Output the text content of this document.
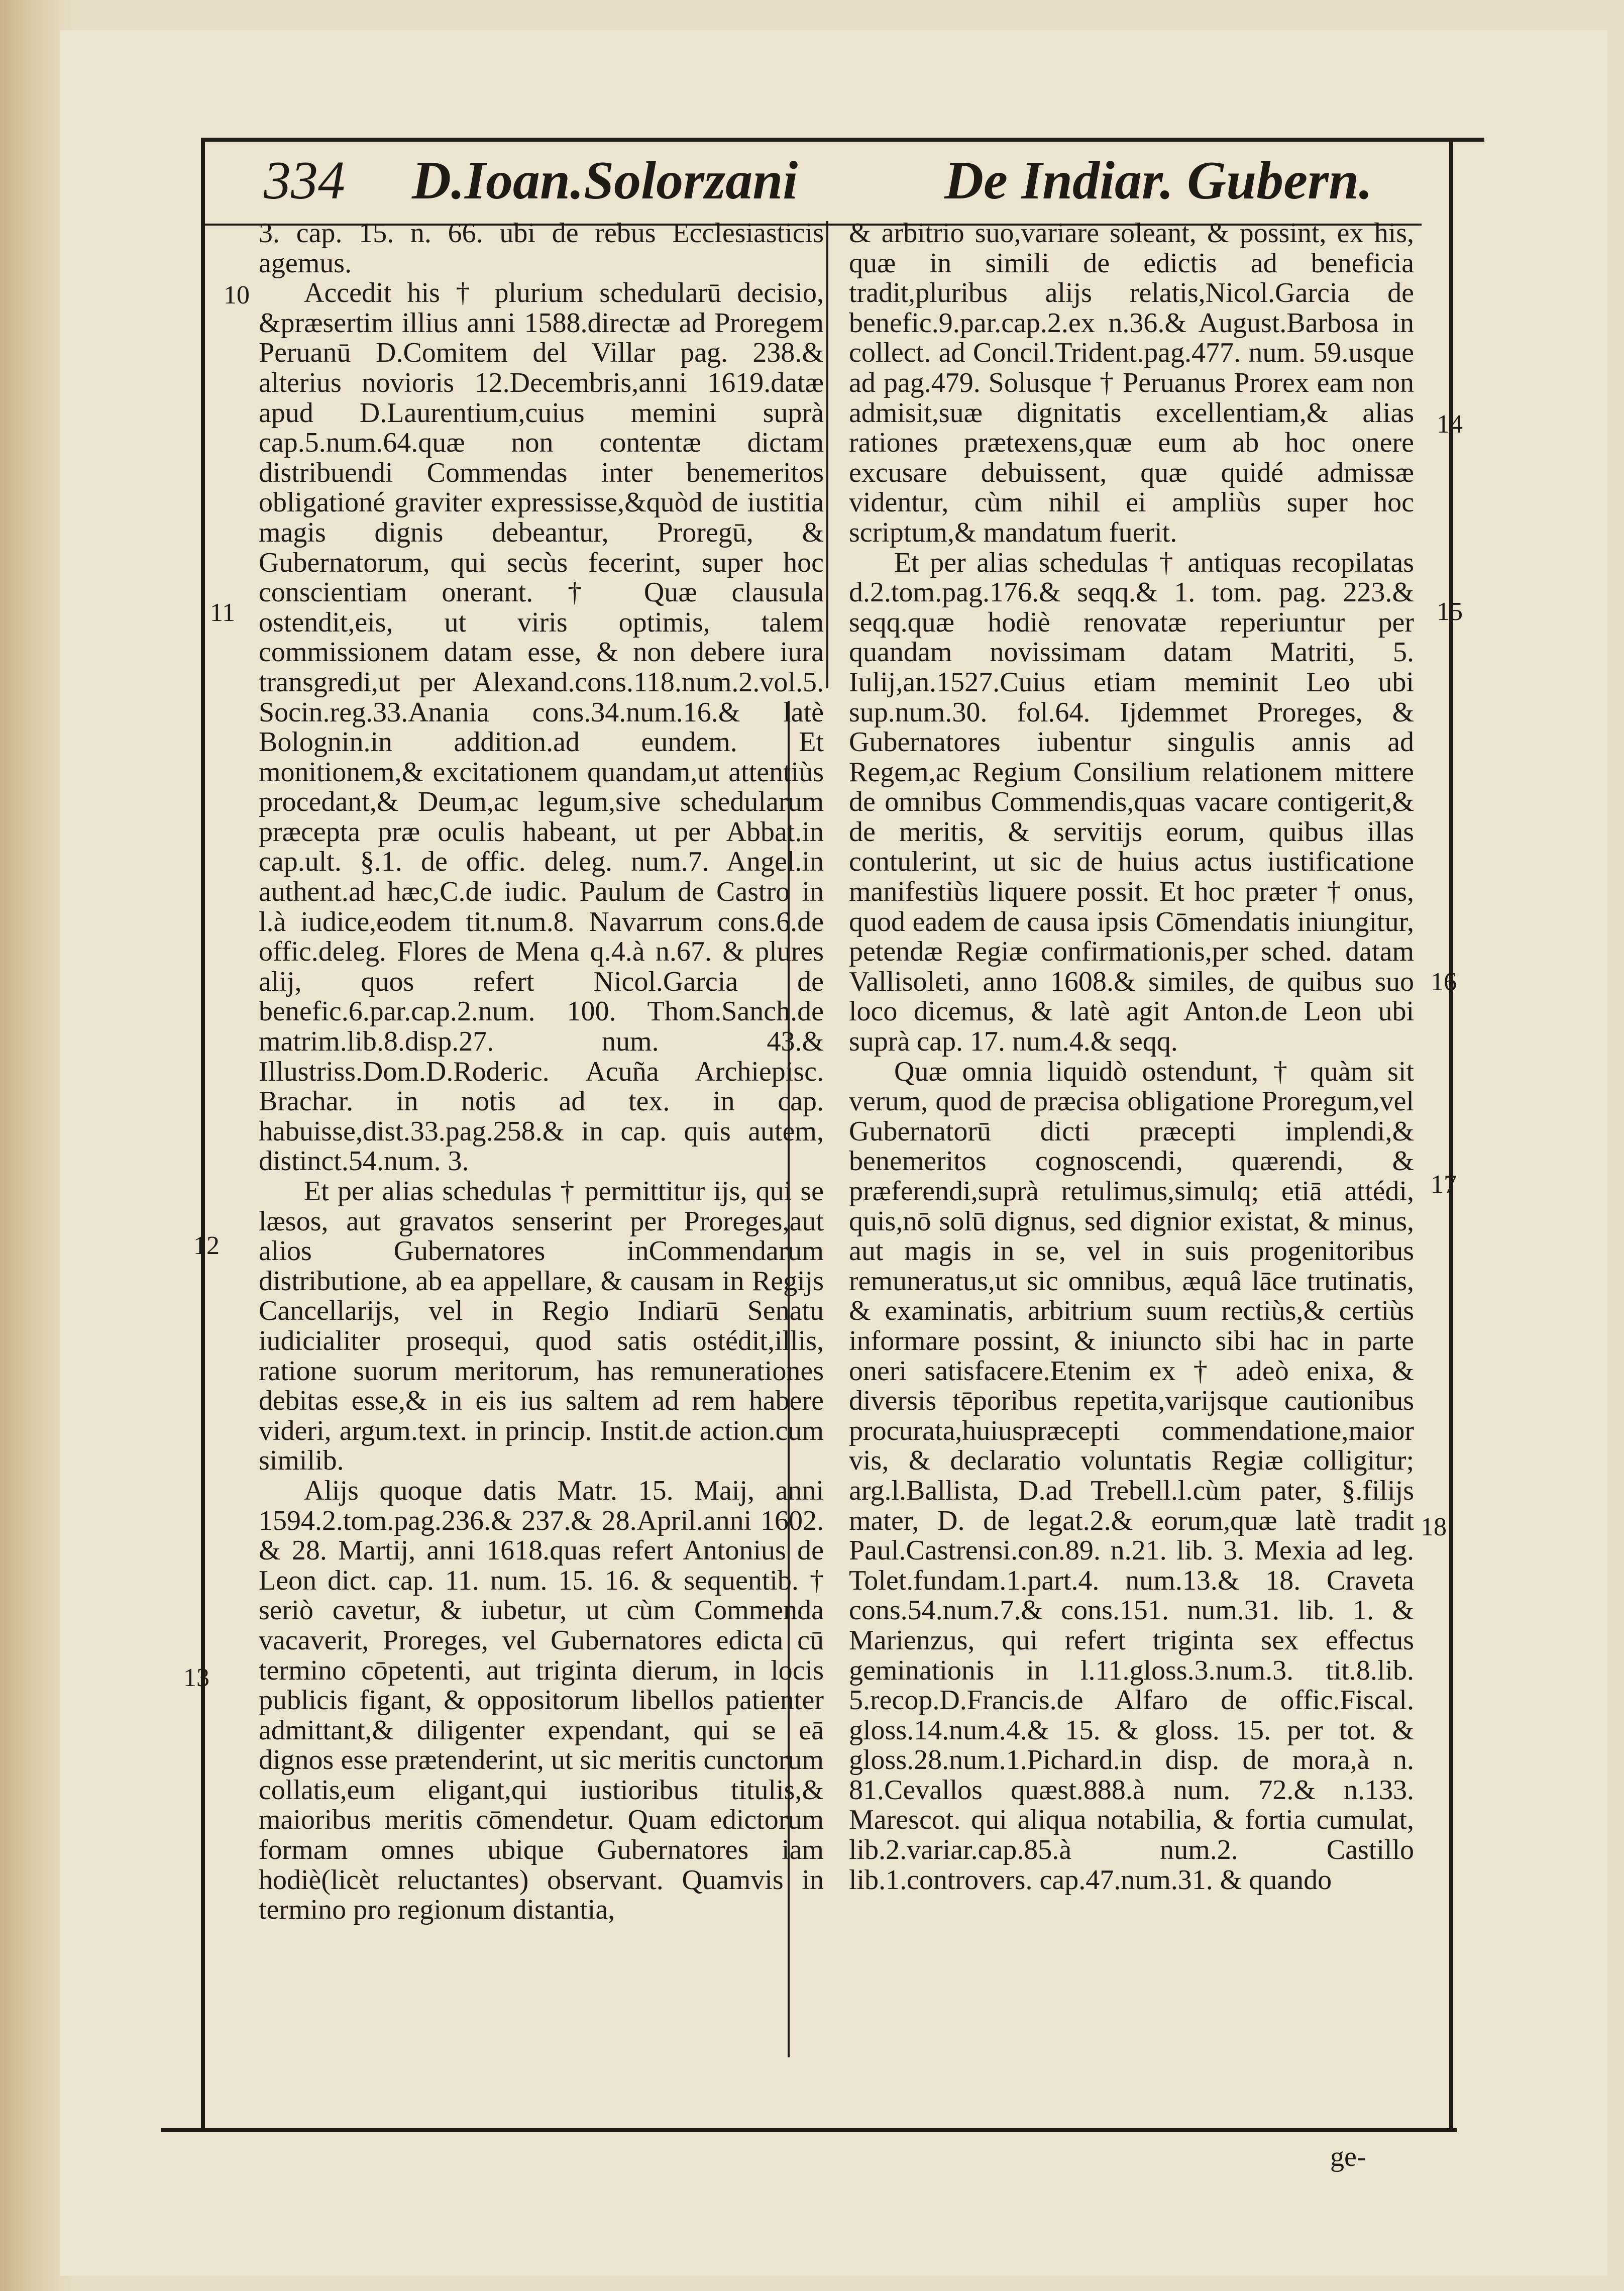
334 D.Ioan.Solorzani	De Indiar. Gubern.

3. cap. 15. n. 66. ubi de rebus Ecclesiasticis agemus.

Accedit his † plurium schedularū decisio, &præsertim illius anni 1588.directæ ad Proregem Peruanū D.Comitem del Villar pag. 238.& alterius novioris 12.Decembris,anni 1619.datæ apud D.Laurentium,cuius memini suprà cap.5.num.64.quæ non contentæ dictam distribuendi Commendas inter benemeritos obligationé graviter expressisse,&quòd de iustitia magis dignis debeantur, Proregū, & Gubernatorum, qui secùs fecerint, super hoc conscientiam onerant. † Quæ clausula ostendit,eis, ut viris optimis, talem commissionem datam esse, & non debere iura transgredi,ut per Alexand.cons.118.num.2.vol.5. Socin.reg.33.Anania cons.34.num.16.& latè Bolognin.in addition.ad eundem. Et monitionem,& excitationem quandam,ut attentiùs procedant,& Deum,ac legum,sive schedularum præcepta præ oculis habeant, ut per Abbat.in cap.ult. §.1. de offic. deleg. num.7. Angel.in authent.ad hæc,C.de iudic. Paulum de Castro in l.à iudice,eodem tit.num.8. Navarrum cons.6.de offic.deleg. Flores de Mena q.4.à n.67. & plures alij, quos refert Nicol.Garcia de benefic.6.par.cap.2.num. 100. Thom.Sanch.de matrim.lib.8.disp.27. num. 43.& Illustriss.Dom.D.Roderic. Acuña Archiepisc. Brachar. in notis ad tex. in cap. habuisse,dist.33.pag.258.& in cap. quis autem, distinct.54.num. 3.

Et per alias schedulas † permittitur ijs, qui se læsos, aut gravatos senserint per Proreges,aut alios Gubernatores inCommendarum distributione, ab ea appellare, & causam in Regijs Cancellarijs, vel in Regio Indiarū Senatu iudicialiter prosequi, quod satis ostédit,illis, ratione suorum meritorum, has remunerationes debitas esse,& in eis ius saltem ad rem habere videri, argum.text. in princip. Instit.de action.cum similib.

Alijs quoque datis Matr. 15. Maij, anni 1594.2.tom.pag.236.& 237.& 28.April.anni 1602. & 28. Martij, anni 1618.quas refert Antonius de Leon dict. cap. 11. num. 15. 16. & sequentib. † seriò cavetur, & iubetur, ut cùm Commenda vacaverit, Proreges, vel Gubernatores edicta cū termino cōpetenti, aut triginta dierum, in locis publicis figant, & oppositorum libellos patienter admittant,& diligenter expendant, qui se eā dignos esse prætenderint, ut sic meritis cunctorum collatis,eum eligant,qui iustioribus titulis,& maioribus meritis cōmendetur. Quam edictorum formam omnes ubique Gubernatores iam hodiè(licèt reluctantes) observant. Quamvis in termino pro regionum distantia,

& arbitrio suo,variare soleant, & possint, ex his, quæ in simili de edictis ad beneficia tradit,pluribus alijs relatis,Nicol.Garcia de benefic.9.par.cap.2.ex n.36.& August.Barbosa in collect. ad Concil.Trident.pag.477. num. 59.usque ad pag.479. Solusque † Peruanus Prorex eam non admisit,suæ dignitatis excellentiam,& alias rationes prætexens,quæ eum ab hoc onere excusare debuissent, quæ quidé admissæ videntur, cùm nihil ei ampliùs super hoc scriptum,& mandatum fuerit.

Et per alias schedulas † antiquas recopilatas d.2.tom.pag.176.& seqq.& 1. tom. pag. 223.& seqq.quæ hodiè renovatæ reperiuntur per quandam novissimam datam Matriti, 5. Iulij,an.1527.Cuius etiam meminit Leo ubi sup.num.30. fol.64. Ijdemmet Proreges, & Gubernatores iubentur singulis annis ad Regem,ac Regium Consilium relationem mittere de omnibus Commendis,quas vacare contigerit,& de meritis, & servitijs eorum, quibus illas contulerint, ut sic de huius actus iustificatione manifestiùs liquere possit. Et hoc præter † onus, quod eadem de causa ipsis Cōmendatis iniungitur, petendæ Regiæ confirmationis,per sched. datam Vallisoleti, anno 1608.& similes, de quibus suo loco dicemus, & latè agit Anton.de Leon ubi suprà cap. 17. num.4.& seqq.

Quæ omnia liquidò ostendunt, † quàm sit verum, quod de præcisa obligatione Proregum,vel Gubernatorū dicti præcepti implendi,& benemeritos cognoscendi, quærendi, & præferendi,suprà retulimus,simulq; etiā attédi, quis,nō solū dignus, sed dignior existat, & minus, aut magis in se, vel in suis progenitoribus remuneratus,ut sic omnibus, æquâ lāce trutinatis, & examinatis, arbitrium suum rectiùs,& certiùs informare possint, & iniuncto sibi hac in parte oneri satisfacere.Etenim ex † adeò enixa, & diversis tēporibus repetita,varijsque cautionibus procurata,huiuspræcepti commendatione,maior vis, & declaratio voluntatis Regiæ colligitur; arg.l.Ballista, D.ad Trebell.l.cùm pater, §.filijs mater, D. de legat.2.& eorum,quæ latè tradit Paul.Castrensi.con.89. n.21. lib. 3. Mexia ad leg. Tolet.fundam.1.part.4. num.13.& 18. Craveta cons.54.num.7.& cons.151. num.31. lib. 1. & Marienzus, qui refert triginta sex effectus geminationis in l.11.gloss.3.num.3. tit.8.lib. 5.recop.D.Francis.de Alfaro de offic.Fiscal. gloss.14.num.4.& 15. & gloss. 15. per tot. & gloss.28.num.1.Pichard.in disp. de mora,à n. 81.Cevallos quæst.888.à num. 72.& n.133. Marescot. qui aliqua notabilia, & fortia cumulat, lib.2.variar.cap.85.à num.2. Castillo lib.1.controvers. cap.47.num.31. & quando

10
11
12
13
14
15
16
17
18
ge-
